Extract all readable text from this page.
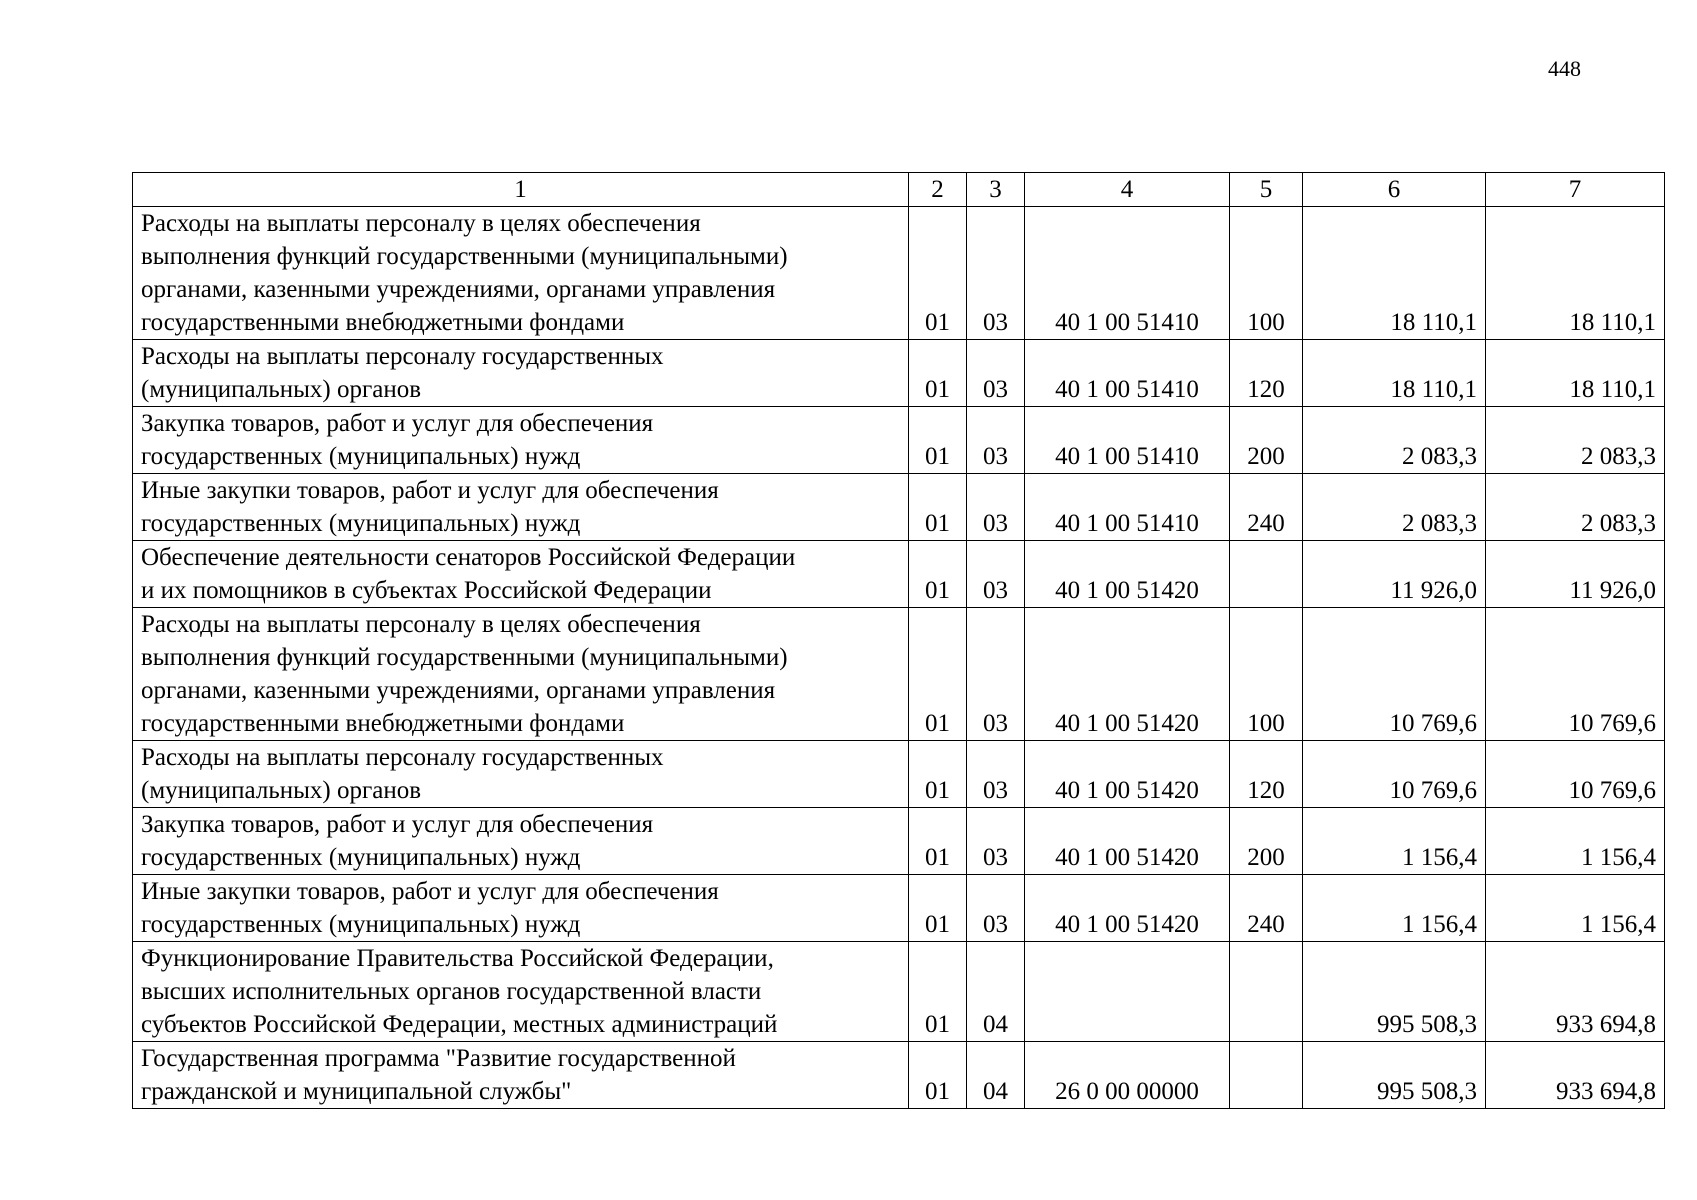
448
1	2	3	4	5	6	7
Расходы на выплаты персоналу в целях обеспечения
выполнения функций государственными (муниципальными)
органами, казенными учреждениями, органами управления
государственными внебюджетными фондами	01	03	40 1 00 51410	100	18 110,1	18 110,1
Расходы на выплаты персоналу государственных
(муниципальных) органов	01	03	40 1 00 51410	120	18 110,1	18 110,1
Закупка товаров, работ и услуг для обеспечения
государственных (муниципальных) нужд	01	03	40 1 00 51410	200	2 083,3	2 083,3
Иные закупки товаров, работ и услуг для обеспечения
государственных (муниципальных) нужд	01	03	40 1 00 51410	240	2 083,3	2 083,3
Обеспечение деятельности сенаторов Российской Федерации
и их помощников в субъектах Российской Федерации	01	03	40 1 00 51420		11 926,0	11 926,0
Расходы на выплаты персоналу в целях обеспечения
выполнения функций государственными (муниципальными)
органами, казенными учреждениями, органами управления
государственными внебюджетными фондами	01	03	40 1 00 51420	100	10 769,6	10 769,6
Расходы на выплаты персоналу государственных
(муниципальных) органов	01	03	40 1 00 51420	120	10 769,6	10 769,6
Закупка товаров, работ и услуг для обеспечения
государственных (муниципальных) нужд	01	03	40 1 00 51420	200	1 156,4	1 156,4
Иные закупки товаров, работ и услуг для обеспечения
государственных (муниципальных) нужд	01	03	40 1 00 51420	240	1 156,4	1 156,4
Функционирование Правительства Российской Федерации,
высших исполнительных органов государственной власти
субъектов Российской Федерации, местных администраций	01	04			995 508,3	933 694,8
Государственная программа "Развитие государственной
гражданской и муниципальной службы"	01	04	26 0 00 00000		995 508,3	933 694,8
